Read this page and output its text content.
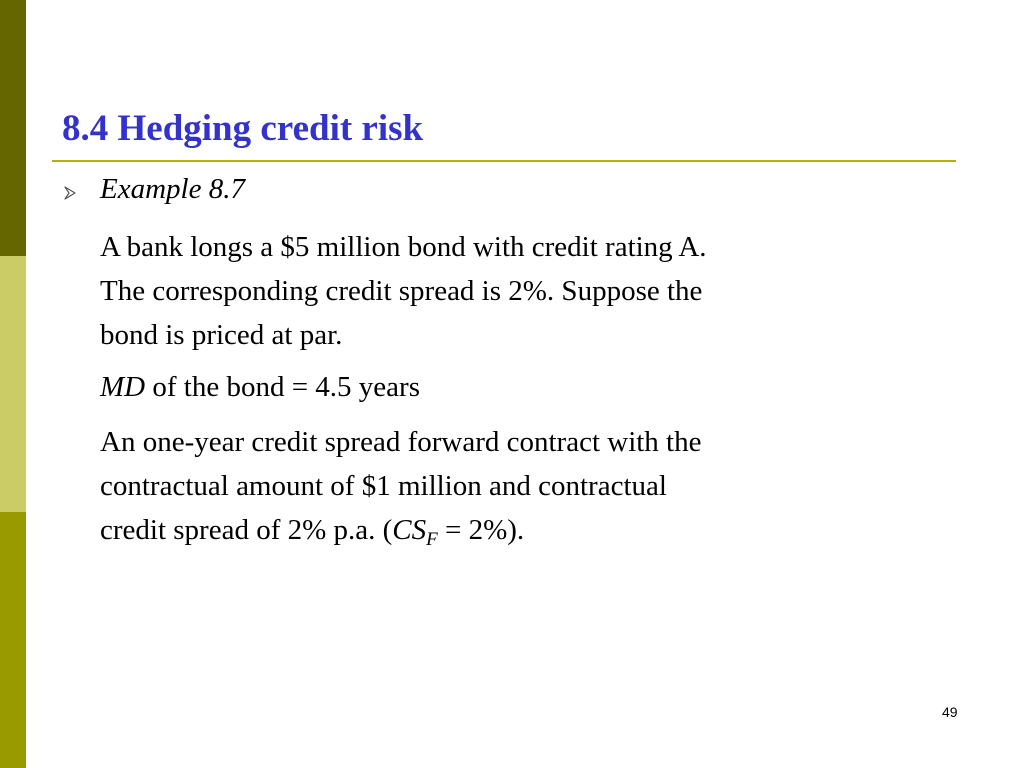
8.4 Hedging credit risk
Example 8.7
A bank longs a $5 million bond with credit rating A.
The corresponding credit spread is 2%. Suppose the
bond is priced at par.
MD of the bond = 4.5 years
An one-year credit spread forward contract with the
contractual amount of $1 million and contractual
credit spread of 2% p.a. $(CS_F = 2\%)$.
49
